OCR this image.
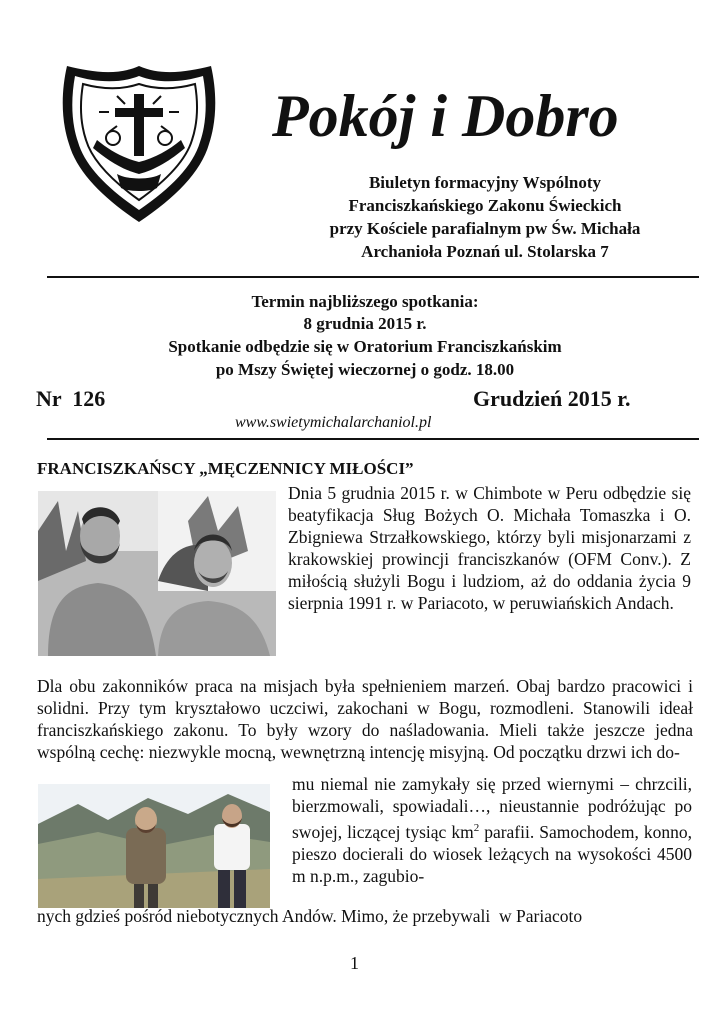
Pokój i Dobro
Biuletyn formacyjny Wspólnoty
Franciszkańskiego Zakonu Świeckich
przy Kościele parafialnym pw Św. Michała
Archanioła Poznań ul. Stolarska 7
Termin najbliższego spotkania:
8 grudnia 2015 r.
Spotkanie odbędzie się w Oratorium Franciszkańskim
po Mszy Świętej wieczornej o godz. 18.00
Nr  126	Grudzień 2015 r.
www.swietymichalarchaniol.pl
FRANCISZKAŃSCY „MĘCZENNICY MIŁOŚCI”

Dnia 5 grudnia 2015 r. w Chimbote w Peru odbędzie się beatyfikacja Sług Bożych O. Michała Tomaszka i O. Zbigniewa Strzałkowskiego, którzy byli misjonarzami z krakowskiej prowincji franciszkanów (OFM Conv.). Z miłością służyli Bogu i ludziom, aż do oddania życia 9 sierpnia 1991 r. w Pariacoto, w peruwiańskich Andach.

Dla obu zakonników praca na misjach była spełnieniem marzeń. Obaj bardzo pracowici i solidni. Przy tym kryształowo uczciwi, zakochani w Bogu, rozmodleni. Stanowili ideał franciszkańskiego zakonu. To były wzory do naśladowania. Mieli także jeszcze jedna wspólną cechę: niezwykle mocną, wewnętrzną intencję misyjną. Od początku drzwi ich do-

mu niemal nie zamykały się przed wiernymi – chrzcili, bierzmowali, spowiadali…, nieustannie podróżując po swojej, liczącej tysiąc $km^2$ parafii. Samochodem, konno, pieszo docierali do wiosek leżących na wysokości 4500 m n.p.m., zagubio-

nych gdzieś pośród niebotycznych Andów. Mimo, że przebywali  w Pariacoto

1
